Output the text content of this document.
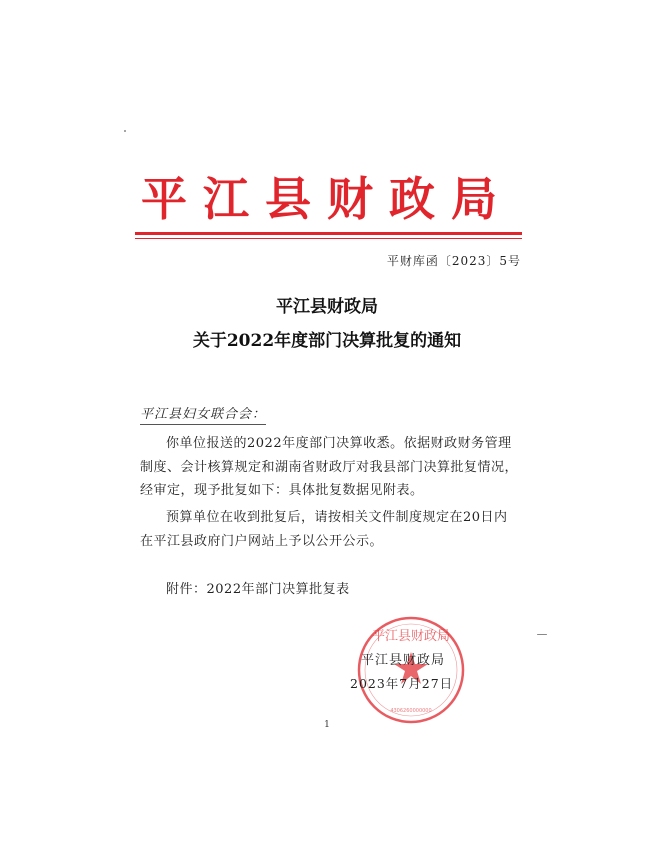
平江县财政局
平财库函〔2023〕5号
平江县财政局
关于2022年度部门决算批复的通知
平江县妇女联合会：
你单位报送的2022年度部门决算收悉。依据财政财务管理制度、会计核算规定和湖南省财政厅对我县部门决算批复情况，经审定，现予批复如下：具体批复数据见附表。
预算单位在收到批复后，请按相关文件制度规定在20日内在平江县政府门户网站上予以公开公示。
附件：2022年部门决算批复表
平江县财政局
4306260000000
平江县财政局
2023年7月27日
1
